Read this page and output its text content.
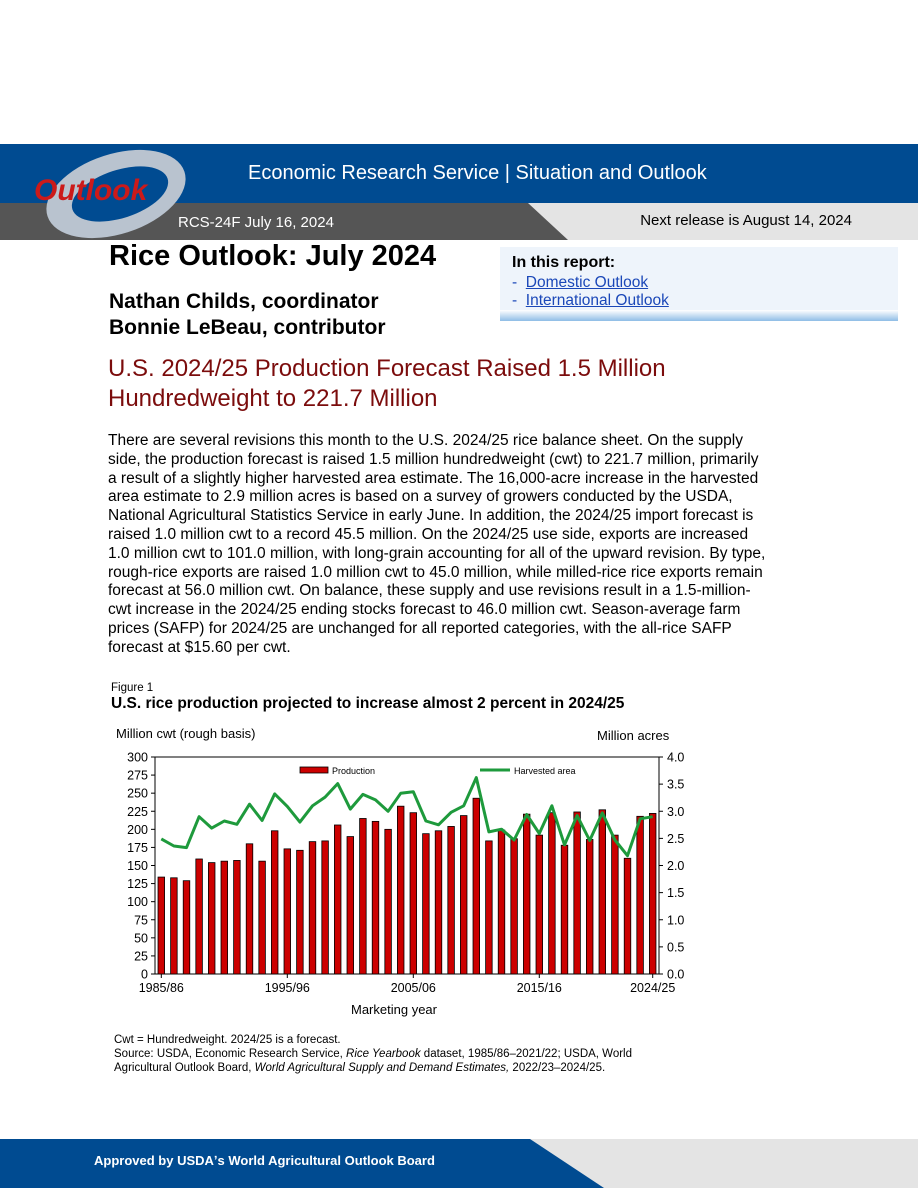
Outlook
Economic Research Service | Situation and Outlook
RCS-24F July 16, 2024	Next release is August 14, 2024
Rice Outlook: July 2024
Nathan Childs, coordinator
Bonnie LeBeau, contributor
In this report:
-  Domestic Outlook
-  International Outlook
U.S. 2024/25 Production Forecast Raised 1.5 Million
Hundredweight to 221.7 Million
There are several revisions this month to the U.S. 2024/25 rice balance sheet. On the supply
side, the production forecast is raised 1.5 million hundredweight (cwt) to 221.7 million, primarily
a result of a slightly higher harvested area estimate. The 16,000-acre increase in the harvested
area estimate to 2.9 million acres is based on a survey of growers conducted by the USDA,
National Agricultural Statistics Service in early June. In addition, the 2024/25 import forecast is
raised 1.0 million cwt to a record 45.5 million. On the 2024/25 use side, exports are increased
1.0 million cwt to 101.0 million, with long-grain accounting for all of the upward revision. By type,
rough-rice exports are raised 1.0 million cwt to 45.0 million, while milled-rice rice exports remain
forecast at 56.0 million cwt. On balance, these supply and use revisions result in a 1.5-million-
cwt increase in the 2024/25 ending stocks forecast to 46.0 million cwt. Season-average farm
prices (SAFP) for 2024/25 are unchanged for all reported categories, with the all-rice SAFP
forecast at $15.60 per cwt.
Figure 1
U.S. rice production projected to increase almost 2 percent in 2024/25
Million cwt (rough basis)	Million acres
Marketing year
0
25
50
75
100
125
150
175
200
225
250
275
300
0.0
0.5
1.0
1.5
2.0
2.5
3.0
3.5
4.0
1985/86	1995/96	2005/06	2015/16	2024/25
Production	Harvested area
Cwt = Hundredweight. 2024/25 is a forecast.
Source: USDA, Economic Research Service, Rice Yearbook dataset, 1985/86–2021/22; USDA, World
Agricultural Outlook Board, World Agricultural Supply and Demand Estimates, 2022/23–2024/25.
Approved by USDAʼs World Agricultural Outlook Board
